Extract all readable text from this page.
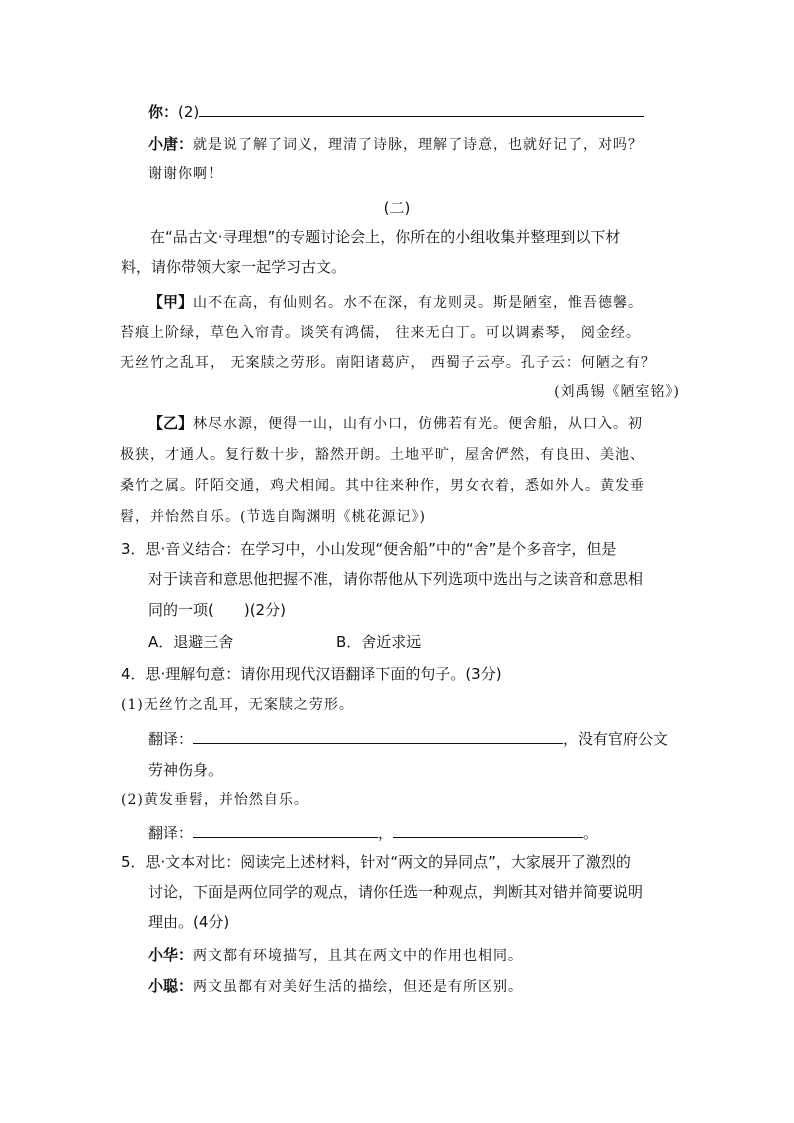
你：(2)
小唐：就是说了解了词义，理清了诗脉，理解了诗意，也就好记了，对吗？
谢谢你啊！
(二)
在“品古文·寻理想”的专题讨论会上，你所在的小组收集并整理到以下材
料，请你带领大家一起学习古文。
【甲】山不在高，有仙则名。水不在深，有龙则灵。斯是陋室，惟吾德馨。
苔痕上阶绿，草色入帘青。谈笑有鸿儒， 往来无白丁。可以调素琴， 阅金经。
无丝竹之乱耳， 无案牍之劳形。南阳诸葛庐， 西蜀子云亭。孔子云：何陋之有？
(刘禹锡《陋室铭》)
【乙】林尽水源，便得一山，山有小口，仿佛若有光。便舍船，从口入。初
极狭，才通人。复行数十步，豁然开朗。土地平旷，屋舍俨然，有良田、美池、
桑竹之属。阡陌交通，鸡犬相闻。其中往来种作，男女衣着，悉如外人。黄发垂
髫，并怡然自乐。(节选自陶渊明《桃花源记》)
3．思·音义结合：在学习中，小山发现“便舍船”中的“舍”是个多音字，但是
对于读音和意思他把握不准，请你帮他从下列选项中选出与之读音和意思相
同的一项(　　)(2分)
A．退避三舍	B．舍近求远
4．思·理解句意：请你用现代汉语翻译下面的句子。(3分)
(1)无丝竹之乱耳，无案牍之劳形。
翻译：	，没有官府公文
劳神伤身。
(2)黄发垂髫，并怡然自乐。
翻译：	，	。
5．思·文本对比：阅读完上述材料，针对“两文的异同点”，大家展开了激烈的
讨论，下面是两位同学的观点，请你任选一种观点，判断其对错并简要说明
理由。(4分)
小华：两文都有环境描写，且其在两文中的作用也相同。
小聪：两文虽都有对美好生活的描绘，但还是有所区别。
